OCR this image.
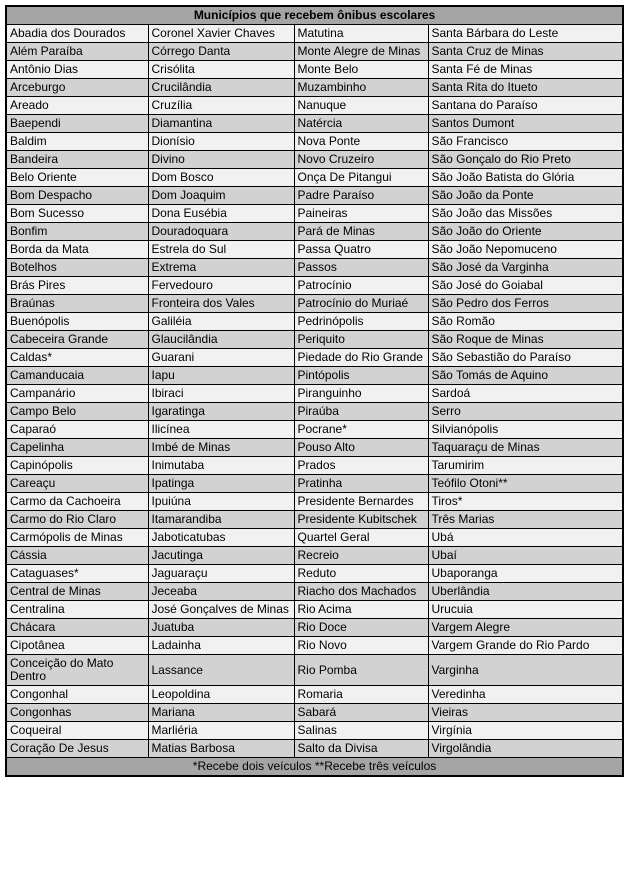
Municípios que recebem ônibus escolares			
Abadia dos Dourados	Coronel Xavier Chaves	Matutina	Santa Bárbara do Leste
Além Paraíba	Córrego Danta	Monte Alegre de Minas	Santa Cruz de Minas
Antônio Dias	Crisólita	Monte Belo	Santa Fé de Minas
Arceburgo	Crucilândia	Muzambinho	Santa Rita do Itueto
Areado	Cruzília	Nanuque	Santana do Paraíso
Baependi	Diamantina	Natércia	Santos Dumont
Baldim	Dionísio	Nova Ponte	São Francisco
Bandeira	Divino	Novo Cruzeiro	São Gonçalo do Rio Preto
Belo Oriente	Dom Bosco	Onça De Pitangui	São João Batista do Glória
Bom Despacho	Dom Joaquim	Padre Paraíso	São João da Ponte
Bom Sucesso	Dona Eusébia	Paineiras	São João das Missões
Bonfim	Douradoquara	Pará de Minas	São João do Oriente
Borda da Mata	Estrela do Sul	Passa Quatro	São João Nepomuceno
Botelhos	Extrema	Passos	São José da Varginha
Brás Pires	Fervedouro	Patrocínio	São José do Goiabal
Braúnas	Fronteira dos Vales	Patrocínio do Muriaé	São Pedro dos Ferros
Buenópolis	Galiléia	Pedrinópolis	São Romão
Cabeceira Grande	Glaucilândia	Periquito	São Roque de Minas
Caldas*	Guarani	Piedade do Rio Grande	São Sebastião do Paraíso
Camanducaia	Iapu	Pintópolis	São Tomás de Aquino
Campanário	Ibiraci	Piranguinho	Sardoá
Campo Belo	Igaratinga	Piraúba	Serro
Caparaó	Ilicínea	Pocrane*	Silvianópolis
Capelinha	Imbé de Minas	Pouso Alto	Taquaraçu de Minas
Capinópolis	Inimutaba	Prados	Tarumirim
Careaçu	Ipatinga	Pratinha	Teófilo Otoni**
Carmo da Cachoeira	Ipuiúna	Presidente Bernardes	Tiros*
Carmo do Rio Claro	Itamarandiba	Presidente Kubitschek	Três Marias
Carmópolis de Minas	Jaboticatubas	Quartel Geral	Ubá
Cássia	Jacutinga	Recreio	Ubaí
Cataguases*	Jaguaraçu	Reduto	Ubaporanga
Central de Minas	Jeceaba	Riacho dos Machados	Uberlândia
Centralina	José Gonçalves de Minas	Rio Acima	Urucuia
Chácara	Juatuba	Rio Doce	Vargem Alegre
Cipotânea	Ladainha	Rio Novo	Vargem Grande do Rio Pardo
Conceição do Mato Dentro	Lassance	Rio Pomba	Varginha
Congonhal	Leopoldina	Romaria	Veredinha
Congonhas	Mariana	Sabará	Vieiras
Coqueiral	Marliéria	Salinas	Virgínia
Coração De Jesus	Matias Barbosa	Salto da Divisa	Virgolândia
*Recebe dois veículos **Recebe três veículos			
